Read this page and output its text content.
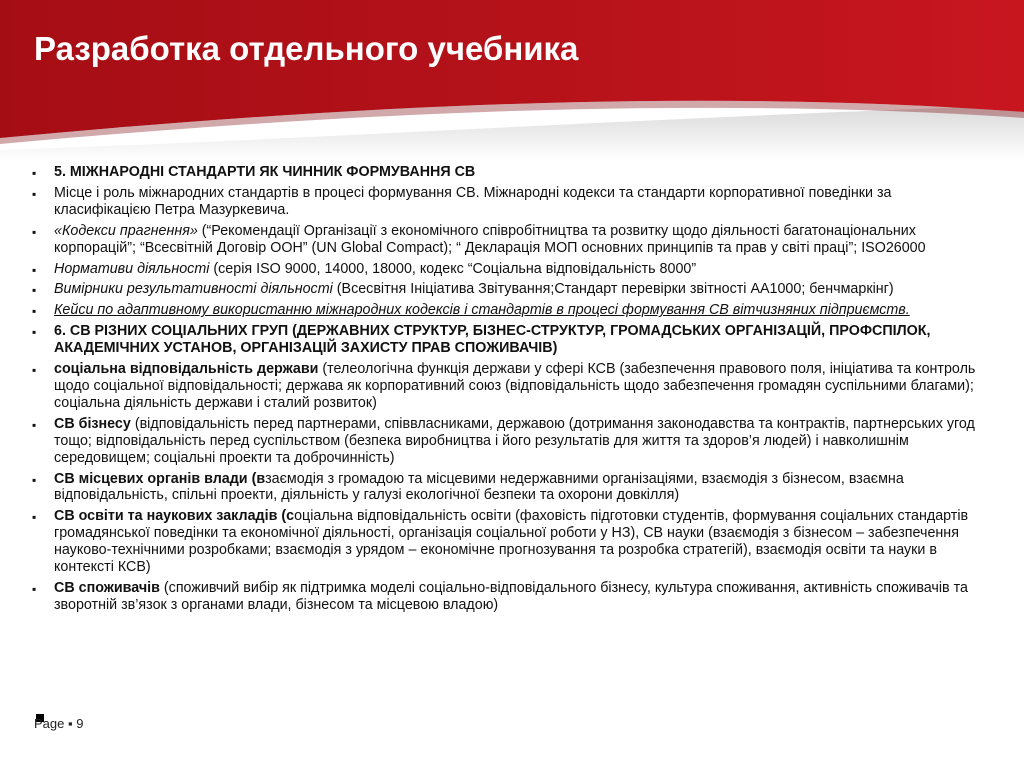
Разработка отдельного учебника
▪ 5. МІЖНАРОДНІ СТАНДАРТИ ЯК ЧИННИК ФОРМУВАННЯ СВ
▪ Місце і роль міжнародних стандартів в процесі формування СВ. Міжнародні кодекси та стандарти корпоративної поведінки за класифікацією Петра Мазуркевича.
▪ «Кодекси прагнення» (“Рекомендації Організації з економічного співробітництва та розвитку щодо діяльності багатонаціональних корпорацій”; “Всесвітній Договір ООН” (UN Global Compact); “ Декларація МОП основних принципів та прав у світі праці”; ISO26000
▪ Нормативи діяльності (серія ISO 9000, 14000, 18000, кодекс “Соціальна відповідальність 8000”
▪ Вимірники результативності діяльності (Всесвітня Ініціатива Звітування;Стандарт перевірки звітності АА1000; бенчмаркінг)
▪ Кейси по адаптивному використанню міжнародних кодексів і стандартів в процесі формування СВ вітчизняних підприємств.
▪ 6. СВ РІЗНИХ СОЦІАЛЬНИХ ГРУП (ДЕРЖАВНИХ СТРУКТУР, БІЗНЕС-СТРУКТУР, ГРОМАДСЬКИХ ОРГАНІЗАЦІЙ, ПРОФСПІЛОК, АКАДЕМІЧНИХ УСТАНОВ, ОРГАНІЗАЦІЙ ЗАХИСТУ ПРАВ СПОЖИВАЧІВ)
▪ соціальна відповідальність держави (телеологічна функція держави у сфері КСВ (забезпечення правового поля, ініціатива та контроль щодо соціальної відповідальності; держава як корпоративний союз (відповідальність щодо забезпечення громадян суспільними благами); соціальна діяльність держави і сталий розвиток)
▪ СВ бізнесу (відповідальність перед партнерами, співвласниками, державою (дотримання законодавства та контрактів, партнерських угод тощо; відповідальність перед суспільством (безпека виробництва і його результатів для життя та здоров’я людей) і навколишнім середовищем; соціальні проекти та доброчинність)
▪ СВ місцевих органів влади (взаємодія з громадою та місцевими недержавними організаціями, взаємодія з бізнесом, взаємна відповідальність, спільні проекти, діяльність у галузі екологічної безпеки та охорони довкілля)
▪ СВ освіти та наукових закладів (соціальна відповідальність освіти (фаховість підготовки студентів, формування соціальних стандартів громадянської поведінки та економічної діяльності, організація соціальної роботи у НЗ), СВ науки (взаємодія з бізнесом – забезпечення науково-технічними розробками; взаємодія з урядом – економічне прогнозування та розробка стратегій), взаємодія освіти та науки в контексті КСВ)
▪ СВ споживачів (споживчий вибір як підтримка моделі соціально-відповідального бізнесу, культура споживання, активність споживачів та зворотній зв’язок з органами влади, бізнесом та місцевою владою)
Page ▪ 9
